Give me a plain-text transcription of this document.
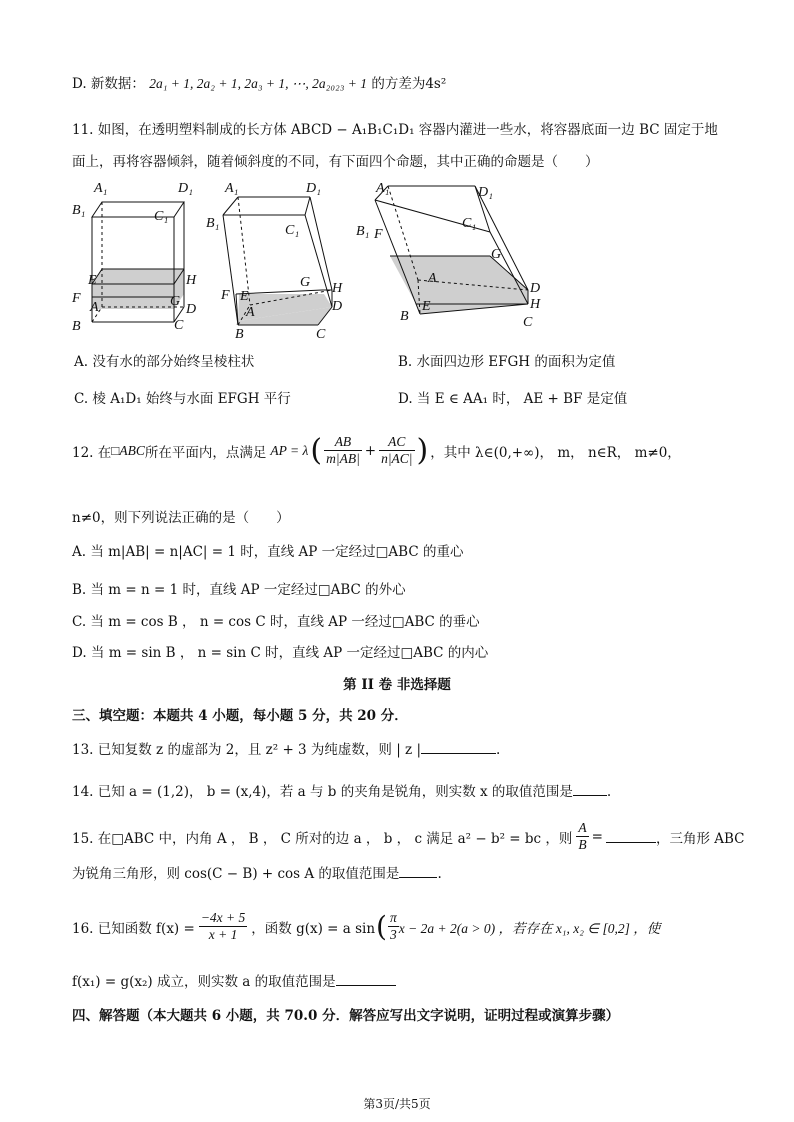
D. 新数据： 2a₁ + 1, 2a₂ + 1, 2a₃ + 1, ⋯, 2a₂₀₂₃ + 1 的方差为4s²
11. 如图，在透明塑料制成的长方体 ABCD − A₁B₁C₁D₁ 容器内灌进一些水，将容器底面一边 BC 固定于地
面上，再将容器倾斜，随着倾斜度的不同，有下面四个命题，其中正确的命题是（　　）
A₁	D₁
B₁	C₁
E	H
F	G
A	D
B	C
A₁	D₁
B₁	C₁
G H
F E
D
A
B	C
A₁	D₁
B₁
C₁
G
F
A
D
H
E
B	C
A. 没有水的部分始终呈棱柱状	B. 水面四边形 EFGH 的面积为定值
C. 棱 A₁D₁ 始终与水面 EFGH 平行	D. 当 E ∈ AA₁ 时， AE + BF 是定值
12. 在 □ABC 所在平面内，点满足 AP = λ ( $\frac{AB}{m|AB|} + \frac{AC}{n|AC|}$ ) ，其中 λ∈(0,+∞)， m， n∈R， m≠0，
n≠0，则下列说法正确的是（　　）
A. 当 m|AB| = n|AC| = 1 时，直线 AP 一定经过□ABC 的重心
B. 当 m = n = 1 时，直线 AP 一定经过□ABC 的外心
C. 当 m = cos B ， n = cos C 时，直线 AP 一经过□ABC 的垂心
D. 当 m = sin B ， n = sin C 时，直线 AP 一定经过□ABC 的内心
第 II 卷 非选择题
三、填空题：本题共 4 小题，每小题 5 分，共 20 分．
13. 已知复数 z 的虚部为 2，且 z² + 3 为纯虚数，则 | z |	.
14. 已知 a = (1,2)， b = (x,4)，若 a 与 b 的夹角是锐角，则实数 x 的取值范围是	.
15. 在□ABC 中，内角 A ， B ， C 所对的边 a ， b ， c 满足 a² − b² = bc ，则 $\frac{A}{B}$ =	，三角形 ABC
为锐角三角形，则 cos(C − B) + cos A 的取值范围是	.
16. 已知函数 $f(x) = \frac{-4x + 5}{x + 1}$ ，函数 g(x) = a sin ( $\frac{\pi}{3}$ x − 2a + 2(a > 0) ，若存在 x₁, x₂ ∈ [0,2] ，使
f(x₁) = g(x₂) 成立，则实数 a 的取值范围是
四、解答题（本大题共 6 小题，共 70.0 分．解答应写出文字说明，证明过程或演算步骤）
第3页/共5页
